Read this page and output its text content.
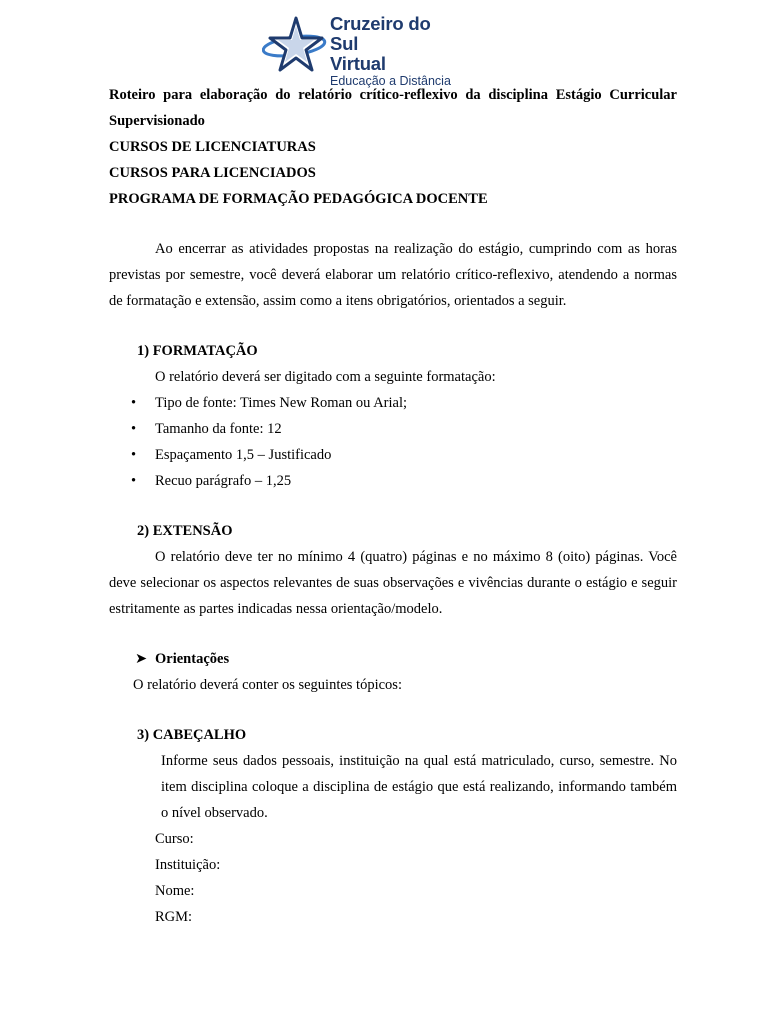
Cruzeiro do Sul
Virtual
Educação a Distância

Roteiro para elaboração do relatório crítico-reflexivo da disciplina Estágio Curricular Supervisionado

CURSOS DE LICENCIATURAS

CURSOS PARA LICENCIADOS

PROGRAMA DE FORMAÇÃO PEDAGÓGICA DOCENTE

Ao encerrar as atividades propostas na realização do estágio, cumprindo com as horas previstas por semestre, você deverá elaborar um relatório crítico-reflexivo, atendendo a normas de formatação e extensão, assim como a itens obrigatórios, orientados a seguir.

1) FORMATAÇÃO

O relatório deverá ser digitado com a seguinte formatação:

• Tipo de fonte: Times New Roman ou Arial;
• Tamanho da fonte: 12
• Espaçamento 1,5 – Justificado
• Recuo parágrafo – 1,25

2) EXTENSÃO

O relatório deve ter no mínimo 4 (quatro) páginas e no máximo 8 (oito) páginas. Você deve selecionar os aspectos relevantes de suas observações e vivências durante o estágio e seguir estritamente as partes indicadas nessa orientação/modelo.

➤ Orientações

O relatório deverá conter os seguintes tópicos:

3) CABEÇALHO

Informe seus dados pessoais, instituição na qual está matriculado, curso, semestre. No item disciplina coloque a disciplina de estágio que está realizando, informando também o nível observado.

Curso:

Instituição:

Nome:

RGM:
